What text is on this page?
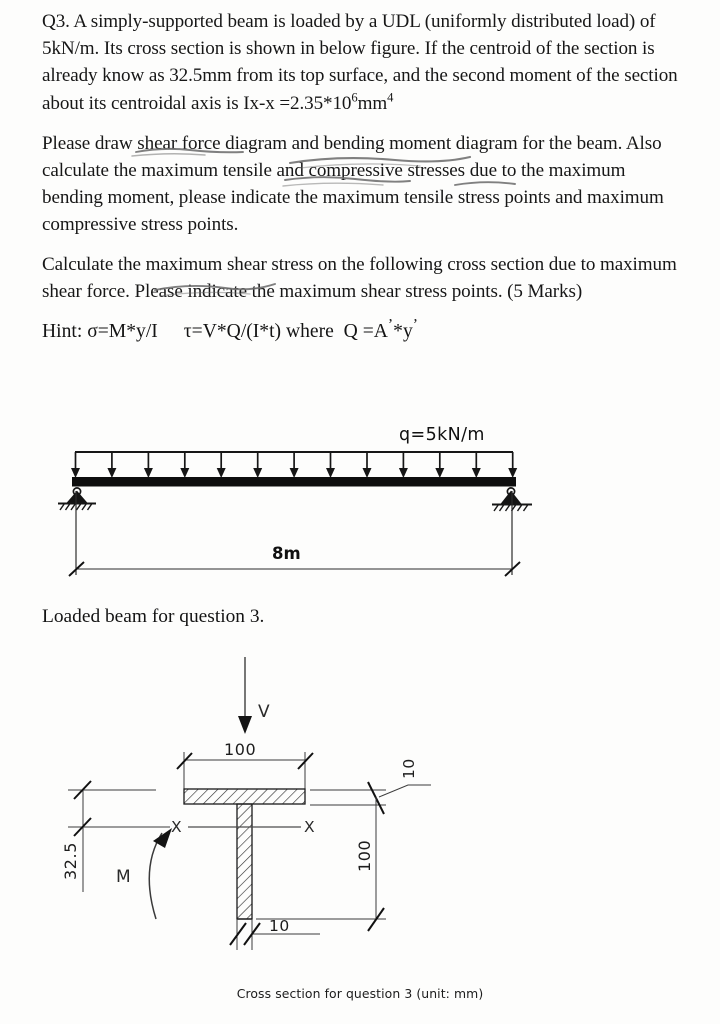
Q3. A simply-supported beam is loaded by a UDL (uniformly distributed load) of 5kN/m. Its cross section is shown in below figure. If the centroid of the section is already know as 32.5mm from its top surface, and the second moment of the section about its centroidal axis is $Ix-x =2.35*10^6mm^4$

Please draw shear force diagram and bending moment diagram for the beam. Also calculate the maximum tensile and compressive stresses due to the maximum bending moment, please indicate the maximum tensile stress points and maximum compressive stress points.

Calculate the maximum shear stress on the following cross section due to maximum shear force. Please indicate the maximum shear stress points. (5 Marks)

Hint: σ=M*y/I τ=V*Q/(I*t) where Q =A’*y’

q=5kN/m
8m
Loaded beam for question 3.
V
100
X	X
M
32.5
10
100
10
Cross section for question 3 (unit: mm)
